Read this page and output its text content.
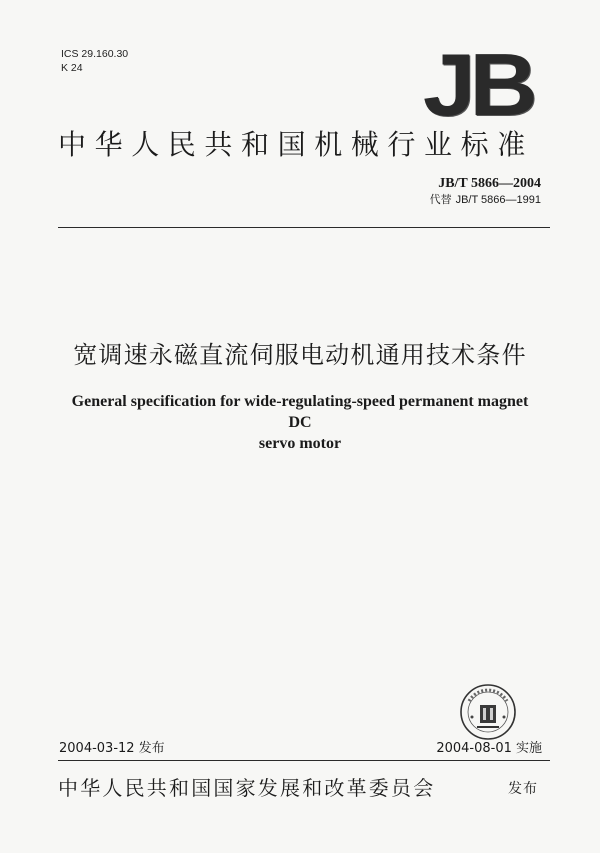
ICS 29.160.30
K 24	JB
中华人民共和国机械行业标准
JB/T 5866—2004
代替 JB/T 5866—1991
宽调速永磁直流伺服电动机通用技术条件
General specification for wide-regulating-speed permanent magnet DC
servo motor
2004-03-12 发布	2004-08-01 实施
中华人民共和国国家发展和改革委员会	发布
